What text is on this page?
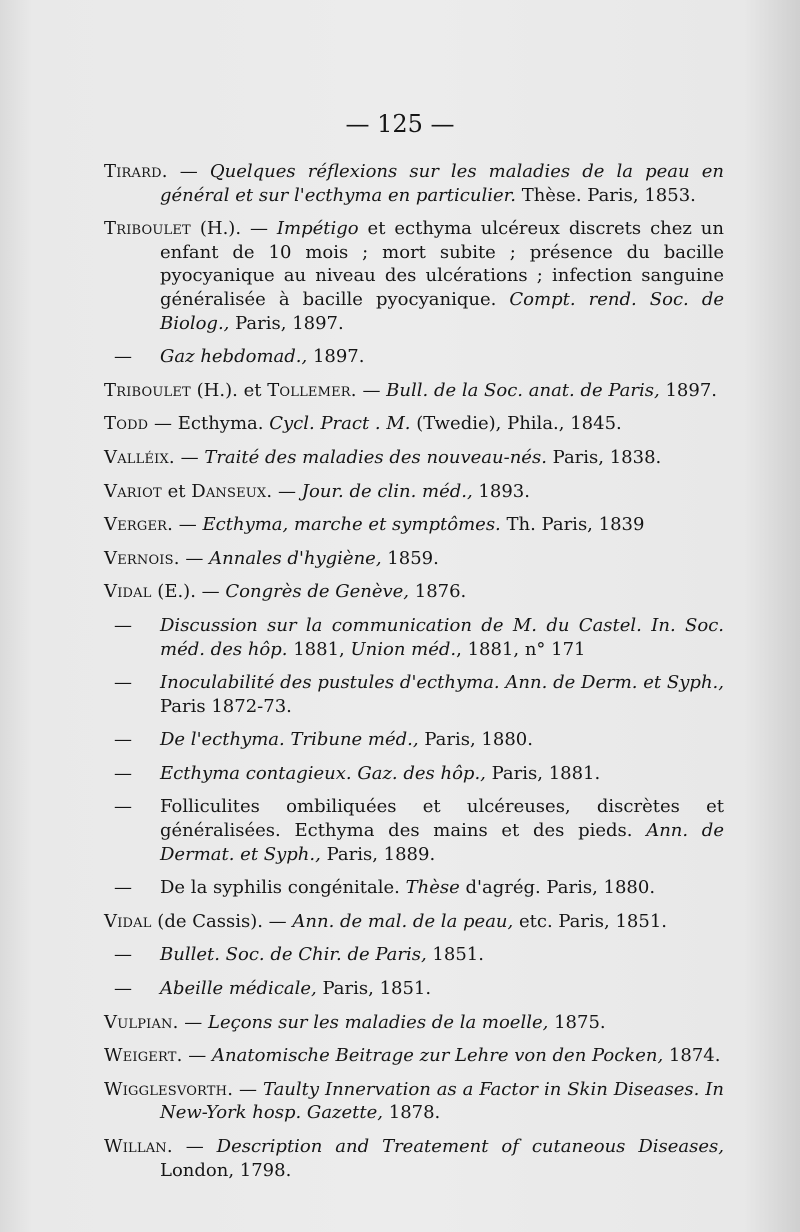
— 125 —
Tirard. — Quelques réflexions sur les maladies de la peau en général et sur l'ecthyma en particulier. Thèse. Paris, 1853.
Triboulet (H.). — Impétigo et ecthyma ulcéreux discrets chez un enfant de 10 mois ; mort subite ; présence du bacille pyocyanique au niveau des ulcérations ; infection sanguine généralisée à bacille pyocyanique. Compt. rend. Soc. de Biolog., Paris, 1897.
— Gaz hebdomad., 1897.
Triboulet (H.). et Tollemer. — Bull. de la Soc. anat. de Paris, 1897.
Todd — Ecthyma. Cycl. Pract . M. (Twedie), Phila., 1845.
Valléix. — Traité des maladies des nouveau-nés. Paris, 1838.
Variot et Danseux. — Jour. de clin. méd., 1893.
Verger. — Ecthyma, marche et symptômes. Th. Paris, 1839
Vernois. — Annales d'hygiène, 1859.
Vidal (E.). — Congrès de Genève, 1876.
— Discussion sur la communication de M. du Castel. In. Soc. méd. des hôp. 1881, Union méd., 1881, n° 171
— Inoculabilité des pustules d'ecthyma. Ann. de Derm. et Syph., Paris 1872-73.
— De l'ecthyma. Tribune méd., Paris, 1880.
— Ecthyma contagieux. Gaz. des hôp., Paris, 1881.
— Folliculites ombiliquées et ulcéreuses, discrètes et généralisées. Ecthyma des mains et des pieds. Ann. de Dermat. et Syph., Paris, 1889.
— De la syphilis congénitale. Thèse d'agrég. Paris, 1880.
Vidal (de Cassis). — Ann. de mal. de la peau, etc. Paris, 1851.
— Bullet. Soc. de Chir. de Paris, 1851.
— Abeille médicale, Paris, 1851.
Vulpian. — Leçons sur les maladies de la moelle, 1875.
Weigert. — Anatomische Beitrage zur Lehre von den Pocken, 1874.
Wigglesvorth. — Taulty Innervation as a Factor in Skin Diseases. In New-York hosp. Gazette, 1878.
Willan. — Description and Treatement of cutaneous Diseases, London, 1798.
